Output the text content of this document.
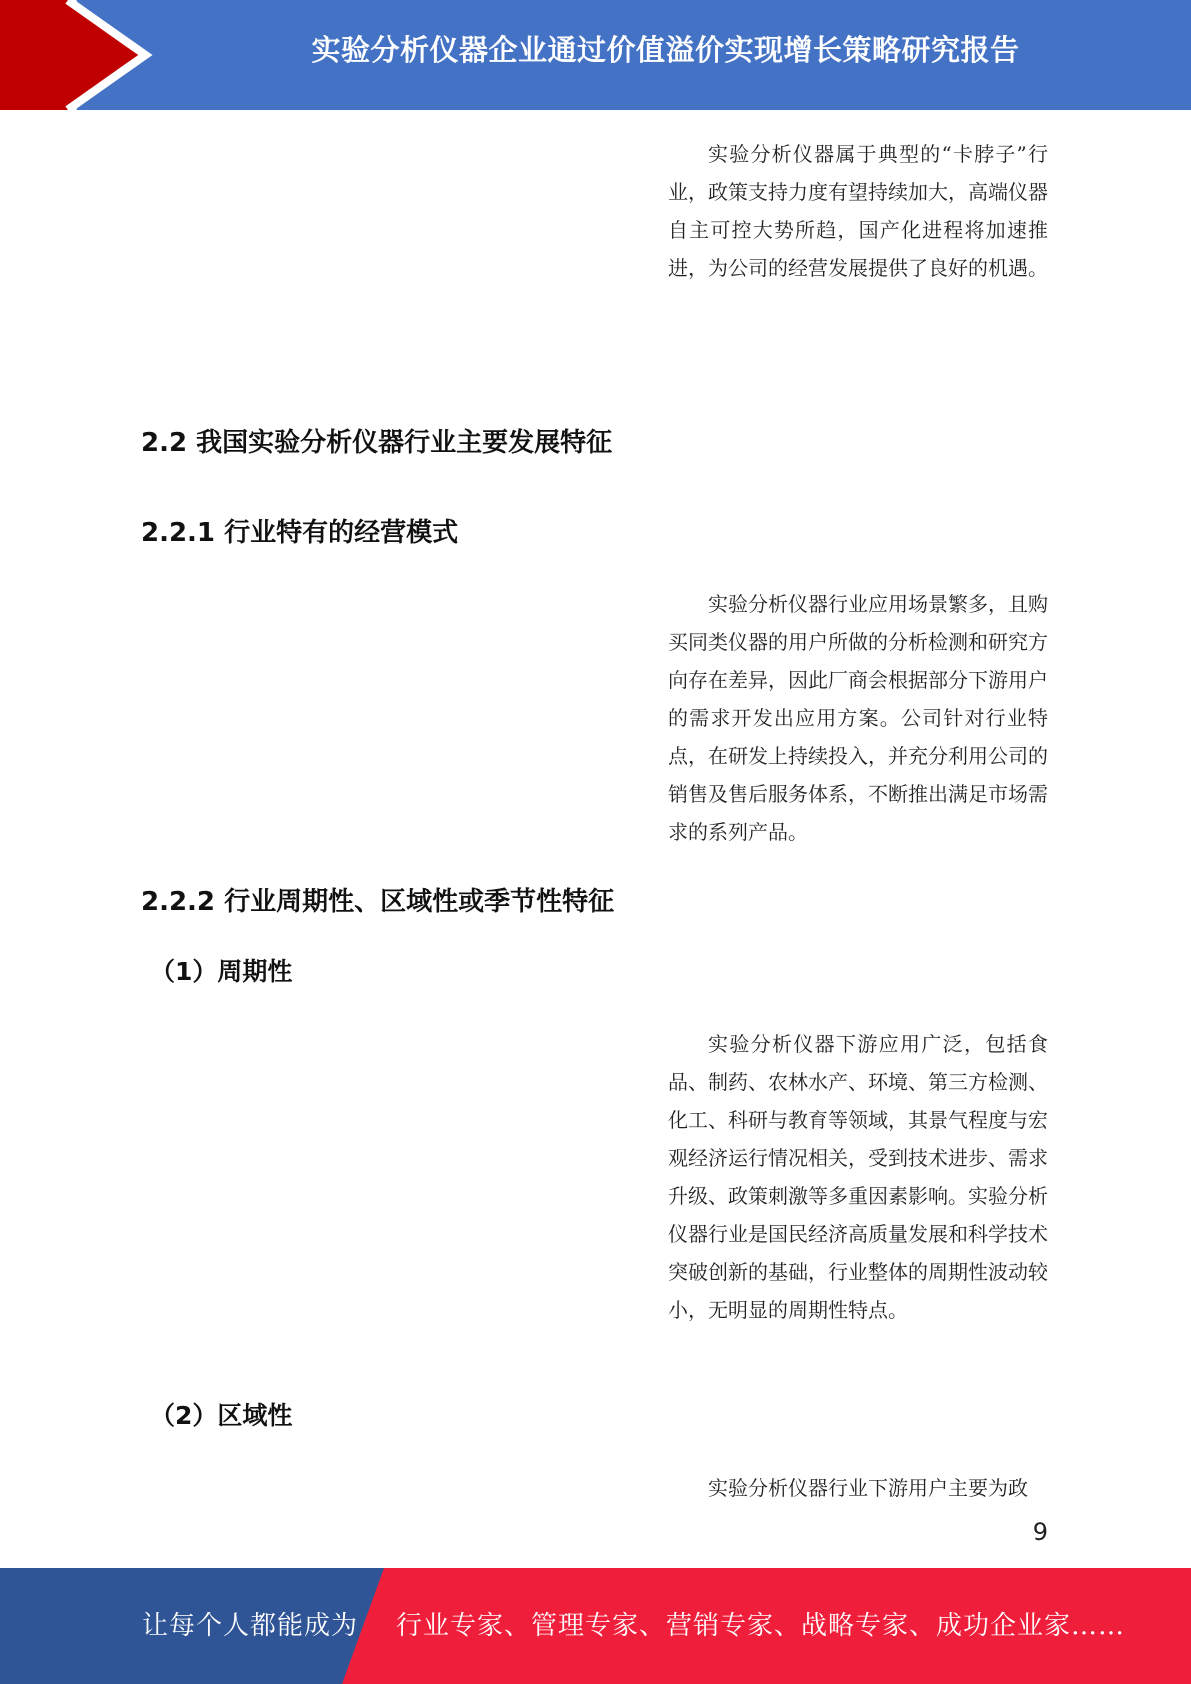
实验分析仪器企业通过价值溢价实现增长策略研究报告

实验分析仪器属于典型的“卡脖子”行业，政策支持力度有望持续加大，高端仪器自主可控大势所趋，国产化进程将加速推进，为公司的经营发展提供了良好的机遇。

2.2 我国实验分析仪器行业主要发展特征
2.2.1 行业特有的经营模式

实验分析仪器行业应用场景繁多，且购买同类仪器的用户所做的分析检测和研究方向存在差异，因此厂商会根据部分下游用户的需求开发出应用方案。公司针对行业特点，在研发上持续投入，并充分利用公司的销售及售后服务体系，不断推出满足市场需求的系列产品。

2.2.2 行业周期性、区域性或季节性特征
（1）周期性

实验分析仪器下游应用广泛，包括食品、制药、农林水产、环境、第三方检测、化工、科研与教育等领域，其景气程度与宏观经济运行情况相关，受到技术进步、需求升级、政策刺激等多重因素影响。实验分析仪器行业是国民经济高质量发展和科学技术突破创新的基础，行业整体的周期性波动较小，无明显的周期性特点。

（2）区域性

实验分析仪器行业下游用户主要为政

9
让每个人都能成为 行业专家、管理专家、营销专家、战略专家、成功企业家……
